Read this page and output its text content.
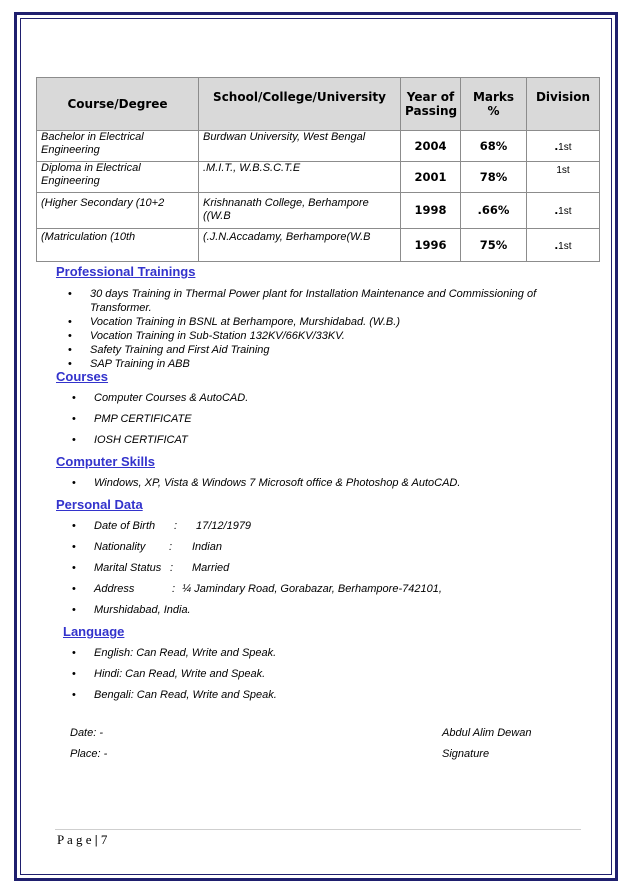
Course/Degree	School/College/University	Year of Passing	Marks %	Division
Bachelor in Electrical Engineering	Burdwan University, West Bengal	2004	68%	.1st
Diploma in Electrical Engineering	.M.I.T., W.B.S.C.T.E	2001	78%	1st
(Higher Secondary (10+2	Krishnanath College, Berhampore ((W.B	1998	.66%	.1st
(Matriculation (10th	(.J.N.Accadamy, Berhampore(W.B	1996	75%	.1st
Professional Trainings
• 30 days Training in Thermal Power plant for Installation Maintenance and Commissioning of Transformer.
• Vocation Training in BSNL at Berhampore, Murshidabad. (W.B.)
• Vocation Training in Sub-Station 132KV/66KV/33KV.
• Safety Training and First Aid Training
• SAP Training in ABB
Courses
• Computer Courses & AutoCAD.
• PMP CERTIFICATE
• IOSH CERTIFICAT
Computer Skills
• Windows, XP, Vista & Windows 7 Microsoft office & Photoshop & AutoCAD.
Personal Data
• Date of Birth : 17/12/1979
• Nationality : Indian
• Marital Status : Married
• Address	: ¼ Jamindary Road, Gorabazar, Berhampore-742101,
• Murshidabad, India.
Language
• English: Can Read, Write and Speak.
• Hindi: Can Read, Write and Speak.
• Bengali: Can Read, Write and Speak.
Date: -
Place: -
Abdul Alim Dewan
Signature
P a g e | 7
